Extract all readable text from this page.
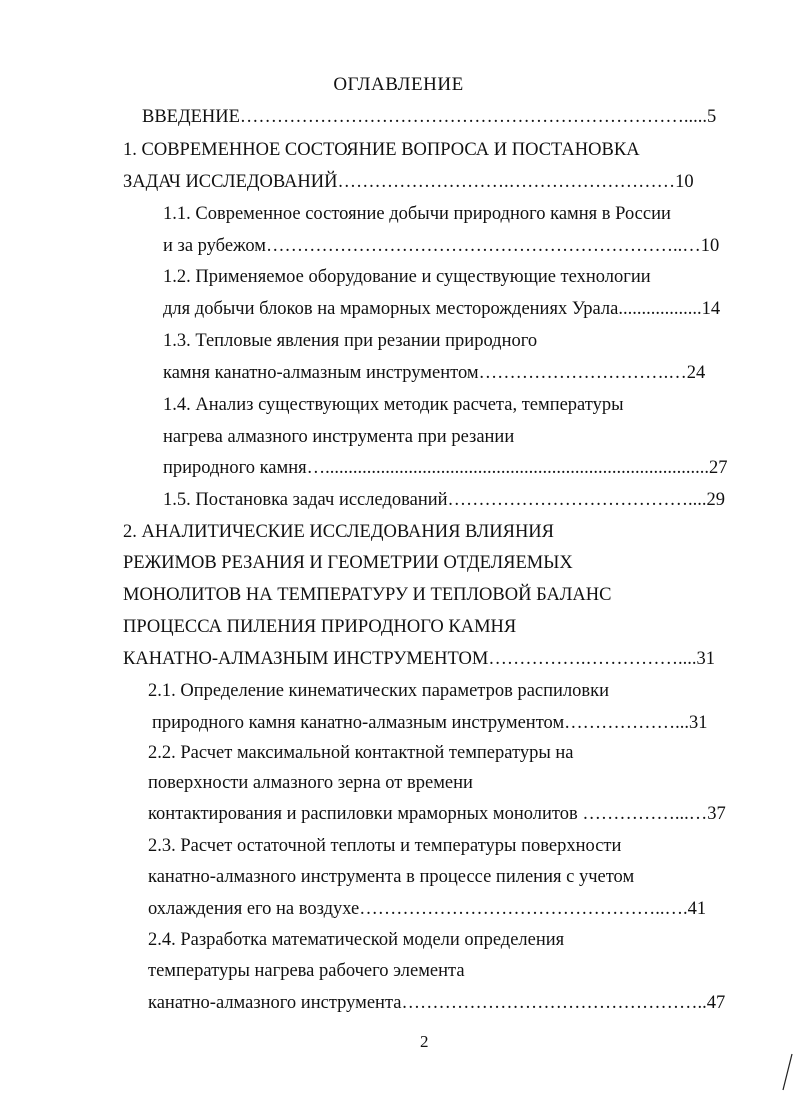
ОГЛАВЛЕНИЕ
ВВЕДЕНИЕ……………………………………………………………….....5
1. СОВРЕМЕННОЕ СОСТОЯНИЕ ВОПРОСА И ПОСТАНОВКА
ЗАДАЧ ИССЛЕДОВАНИЙ……………………….………………………10
1.1. Современное состояние добычи природного камня в России
и за рубежом…………………………………………………………..…10
1.2. Применяемое оборудование и существующие технологии
для добычи блоков на мраморных месторождениях Урала..................14
1.3. Тепловые явления при резании природного
камня канатно-алмазным инструментом………………………….…24
1.4. Анализ существующих методик расчета, температуры
нагрева алмазного инструмента при резании
природного камня…...................................................................................27
1.5. Постановка задач исследований…………………………………....29
2. АНАЛИТИЧЕСКИЕ ИССЛЕДОВАНИЯ ВЛИЯНИЯ
РЕЖИМОВ РЕЗАНИЯ И ГЕОМЕТРИИ ОТДЕЛЯЕМЫХ
МОНОЛИТОВ НА ТЕМПЕРАТУРУ И ТЕПЛОВОЙ БАЛАНС
ПРОЦЕССА ПИЛЕНИЯ ПРИРОДНОГО КАМНЯ
КАНАТНО-АЛМАЗНЫМ ИНСТРУМЕНТОМ…………….……………....31
2.1. Определение кинематических параметров распиловки
природного камня канатно-алмазным инструментом………………...31
2.2. Расчет максимальной контактной температуры на
поверхности алмазного зерна от времени
контактирования и распиловки мраморных монолитов ……………...…37
2.3. Расчет остаточной теплоты и температуры поверхности
канатно-алмазного инструмента в процессе пиления с учетом
охлаждения его на воздухе…………………………………………..….41
2.4. Разработка математической модели определения
температуры нагрева рабочего элемента
канатно-алмазного инструмента…………………………………………..47
2
